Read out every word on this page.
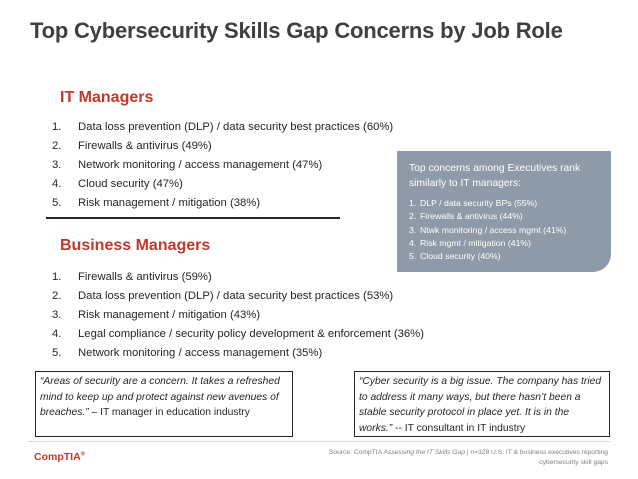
Top Cybersecurity Skills Gap Concerns by Job Role
IT Managers
1. Data loss prevention (DLP) / data security best practices (60%)
2. Firewalls & antivirus (49%)
3. Network monitoring / access management (47%)
4. Cloud security (47%)
5. Risk management / mitigation (38%)
Business Managers
1. Firewalls & antivirus (59%)
2. Data loss prevention (DLP) / data security best practices (53%)
3. Risk management / mitigation (43%)
4. Legal compliance / security policy development & enforcement (36%)
5. Network monitoring / access management (35%)
Top concerns among Executives rank similarly to IT managers:
1. DLP / data security BPs (55%)
2. Firewalls & antivirus (44%)
3. Ntwk monitoring / access mgmt (41%)
4. Risk mgmt / mitigation (41%)
5. Cloud security (40%)
“Areas of security are a concern. It takes a refreshed mind to keep up and protect against new avenues of breaches.” – IT manager in education industry
“Cyber security is a big issue. The company has tried to address it many ways, but there hasn’t been a stable security protocol in place yet. It is in the works.” -- IT consultant in IT industry
CompTIA®	Source: CompTIA Assessing the IT Skills Gap | n=328 U.S. IT & business executives reporting cybersecurity skill gaps
